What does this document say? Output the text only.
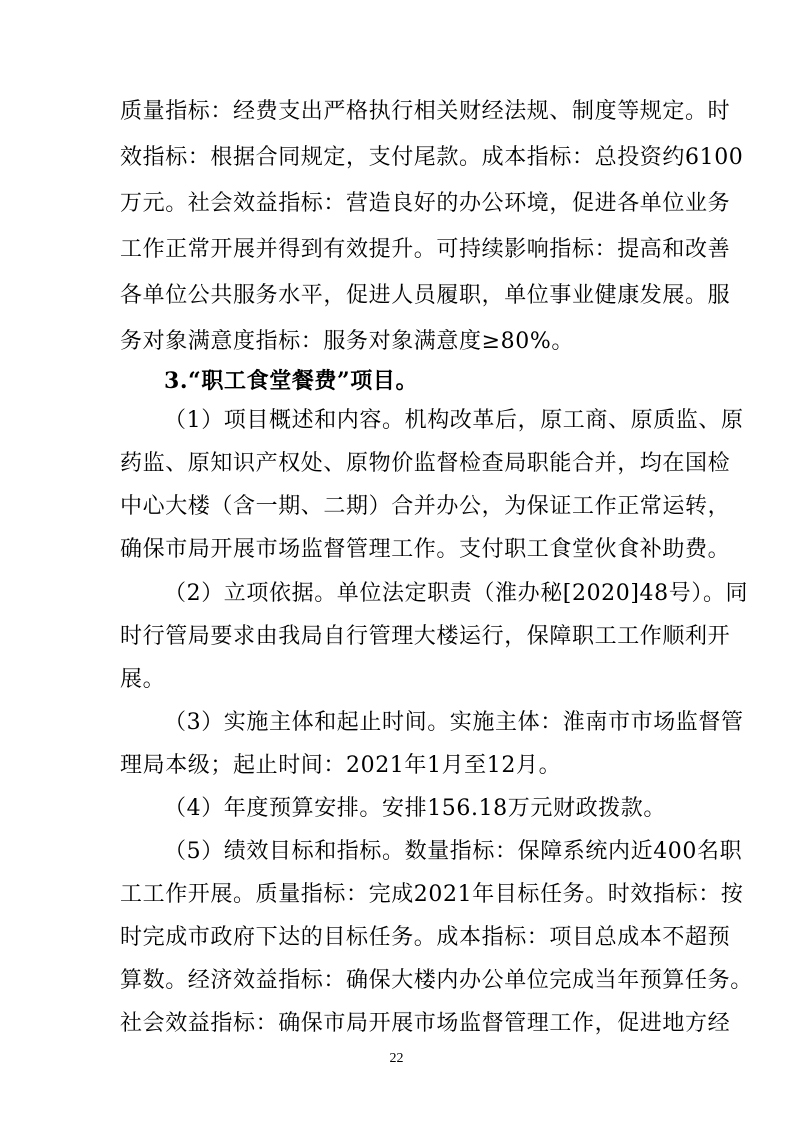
质量指标：经费支出严格执行相关财经法规、制度等规定。时
效指标：根据合同规定，支付尾款。成本指标：总投资约6100
万元。社会效益指标：营造良好的办公环境，促进各单位业务
工作正常开展并得到有效提升。可持续影响指标：提高和改善
各单位公共服务水平，促进人员履职，单位事业健康发展。服
务对象满意度指标：服务对象满意度≥80%。
3.“职工食堂餐费”项目。
（1）项目概述和内容。机构改革后，原工商、原质监、原
药监、原知识产权处、原物价监督检查局职能合并，均在国检
中心大楼（含一期、二期）合并办公，为保证工作正常运转，
确保市局开展市场监督管理工作。支付职工食堂伙食补助费。
（2）立项依据。单位法定职责（淮办秘[2020]48号）。同
时行管局要求由我局自行管理大楼运行，保障职工工作顺利开
展。
（3）实施主体和起止时间。实施主体：淮南市市场监督管
理局本级；起止时间：2021年1月至12月。
（4）年度预算安排。安排156.18万元财政拨款。
（5）绩效目标和指标。数量指标：保障系统内近400名职
工工作开展。质量指标：完成2021年目标任务。时效指标：按
时完成市政府下达的目标任务。成本指标：项目总成本不超预
算数。经济效益指标：确保大楼内办公单位完成当年预算任务。
社会效益指标：确保市局开展市场监督管理工作，促进地方经
22
